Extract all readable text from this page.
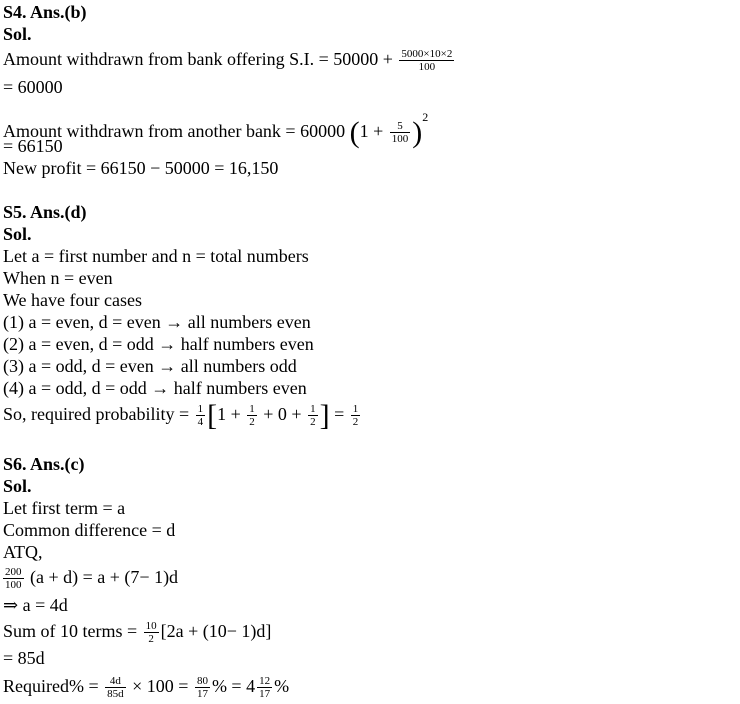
S4. Ans.(b)
Sol.
Amount withdrawn from bank offering S.I. = $50000 + \frac{5000\times 10\times 2}{100}$
= 60000
Amount withdrawn from another bank = 60000 $(1 + \frac{5}{100} )^2$
= 66150
New profit = 66150 − 50000 = 16,150
S5. Ans.(d)
Sol.
Let a = first number and n = total numbers
When n = even
We have four cases
(1) a = even, d = even → all numbers even
(2) a = even, d = odd → half numbers even
(3) a = odd, d = even → all numbers odd
(4) a = odd, d = odd → half numbers even
So, required probability = $\frac{1}{4} [1 + \frac{1}{2} + 0 + \frac{1}{2}$ ] = $\frac{1}{2}$
S6. Ans.(c)
Sol.
Let first term = a
Common difference = d
ATQ,
$\frac{200}{100} (a + d) = a + (7- 1)d$
⇒ a = 4d
Sum of 10 terms = $\frac{10}{2} [2a + (10- 1)d]$
= 85d
Required% = $\frac{4d}{85d} \times 100 = \frac{80}{17}$ % = $4 \frac{12}{17}$ %
